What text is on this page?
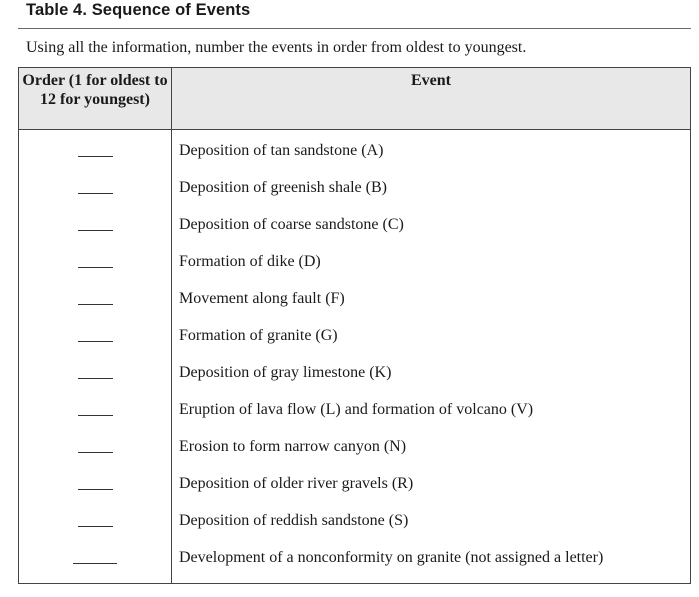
Table 4. Sequence of Events

Using all the information, number the events in order from oldest to youngest.

Order (1 for oldest to 12 for youngest)
Event
Deposition of tan sandstone (A)
Deposition of greenish shale (B)
Deposition of coarse sandstone (C)
Formation of dike (D)
Movement along fault (F)
Formation of granite (G)
Deposition of gray limestone (K)
Eruption of lava flow (L) and formation of volcano (V)
Erosion to form narrow canyon (N)
Deposition of older river gravels (R)
Deposition of reddish sandstone (S)
Development of a nonconformity on granite (not assigned a letter)
